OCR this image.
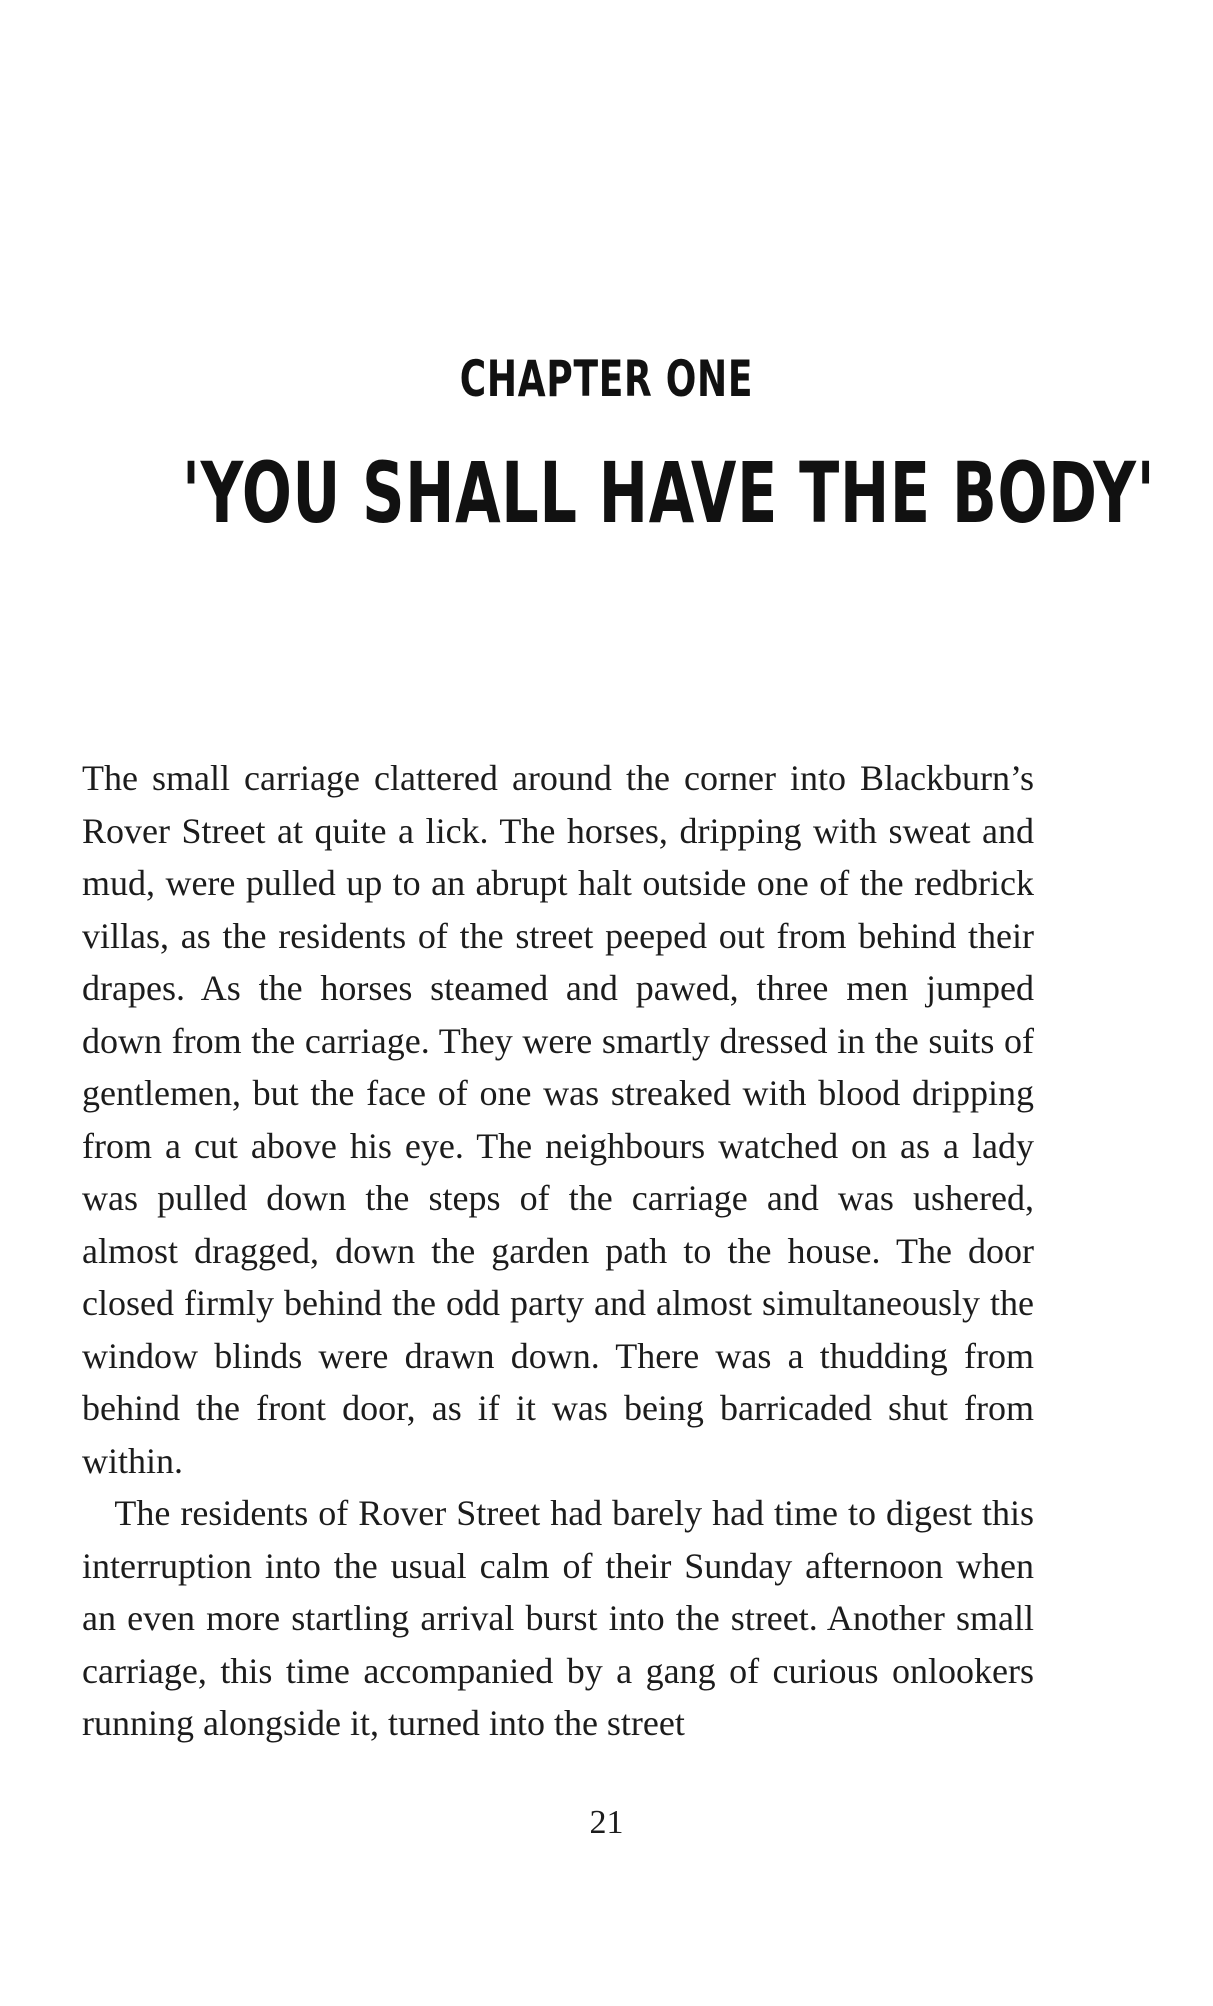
CHAPTER ONE
'YOU SHALL HAVE THE BODY'

The small carriage clattered around the corner into Blackburn’s Rover Street at quite a lick. The horses, dripping with sweat and mud, were pulled up to an abrupt halt outside one of the redbrick villas, as the residents of the street peeped out from behind their drapes. As the horses steamed and pawed, three men jumped down from the carriage. They were smartly dressed in the suits of gentlemen, but the face of one was streaked with blood dripping from a cut above his eye. The neighbours watched on as a lady was pulled down the steps of the carriage and was ushered, almost dragged, down the garden path to the house. The door closed firmly behind the odd party and almost simultaneously the window blinds were drawn down. There was a thudding from behind the front door, as if it was being barricaded shut from within.

The residents of Rover Street had barely had time to digest this interruption into the usual calm of their Sunday afternoon when an even more startling arrival burst into the street. Another small carriage, this time accompanied by a gang of curious onlookers running alongside it, turned into the street

21
